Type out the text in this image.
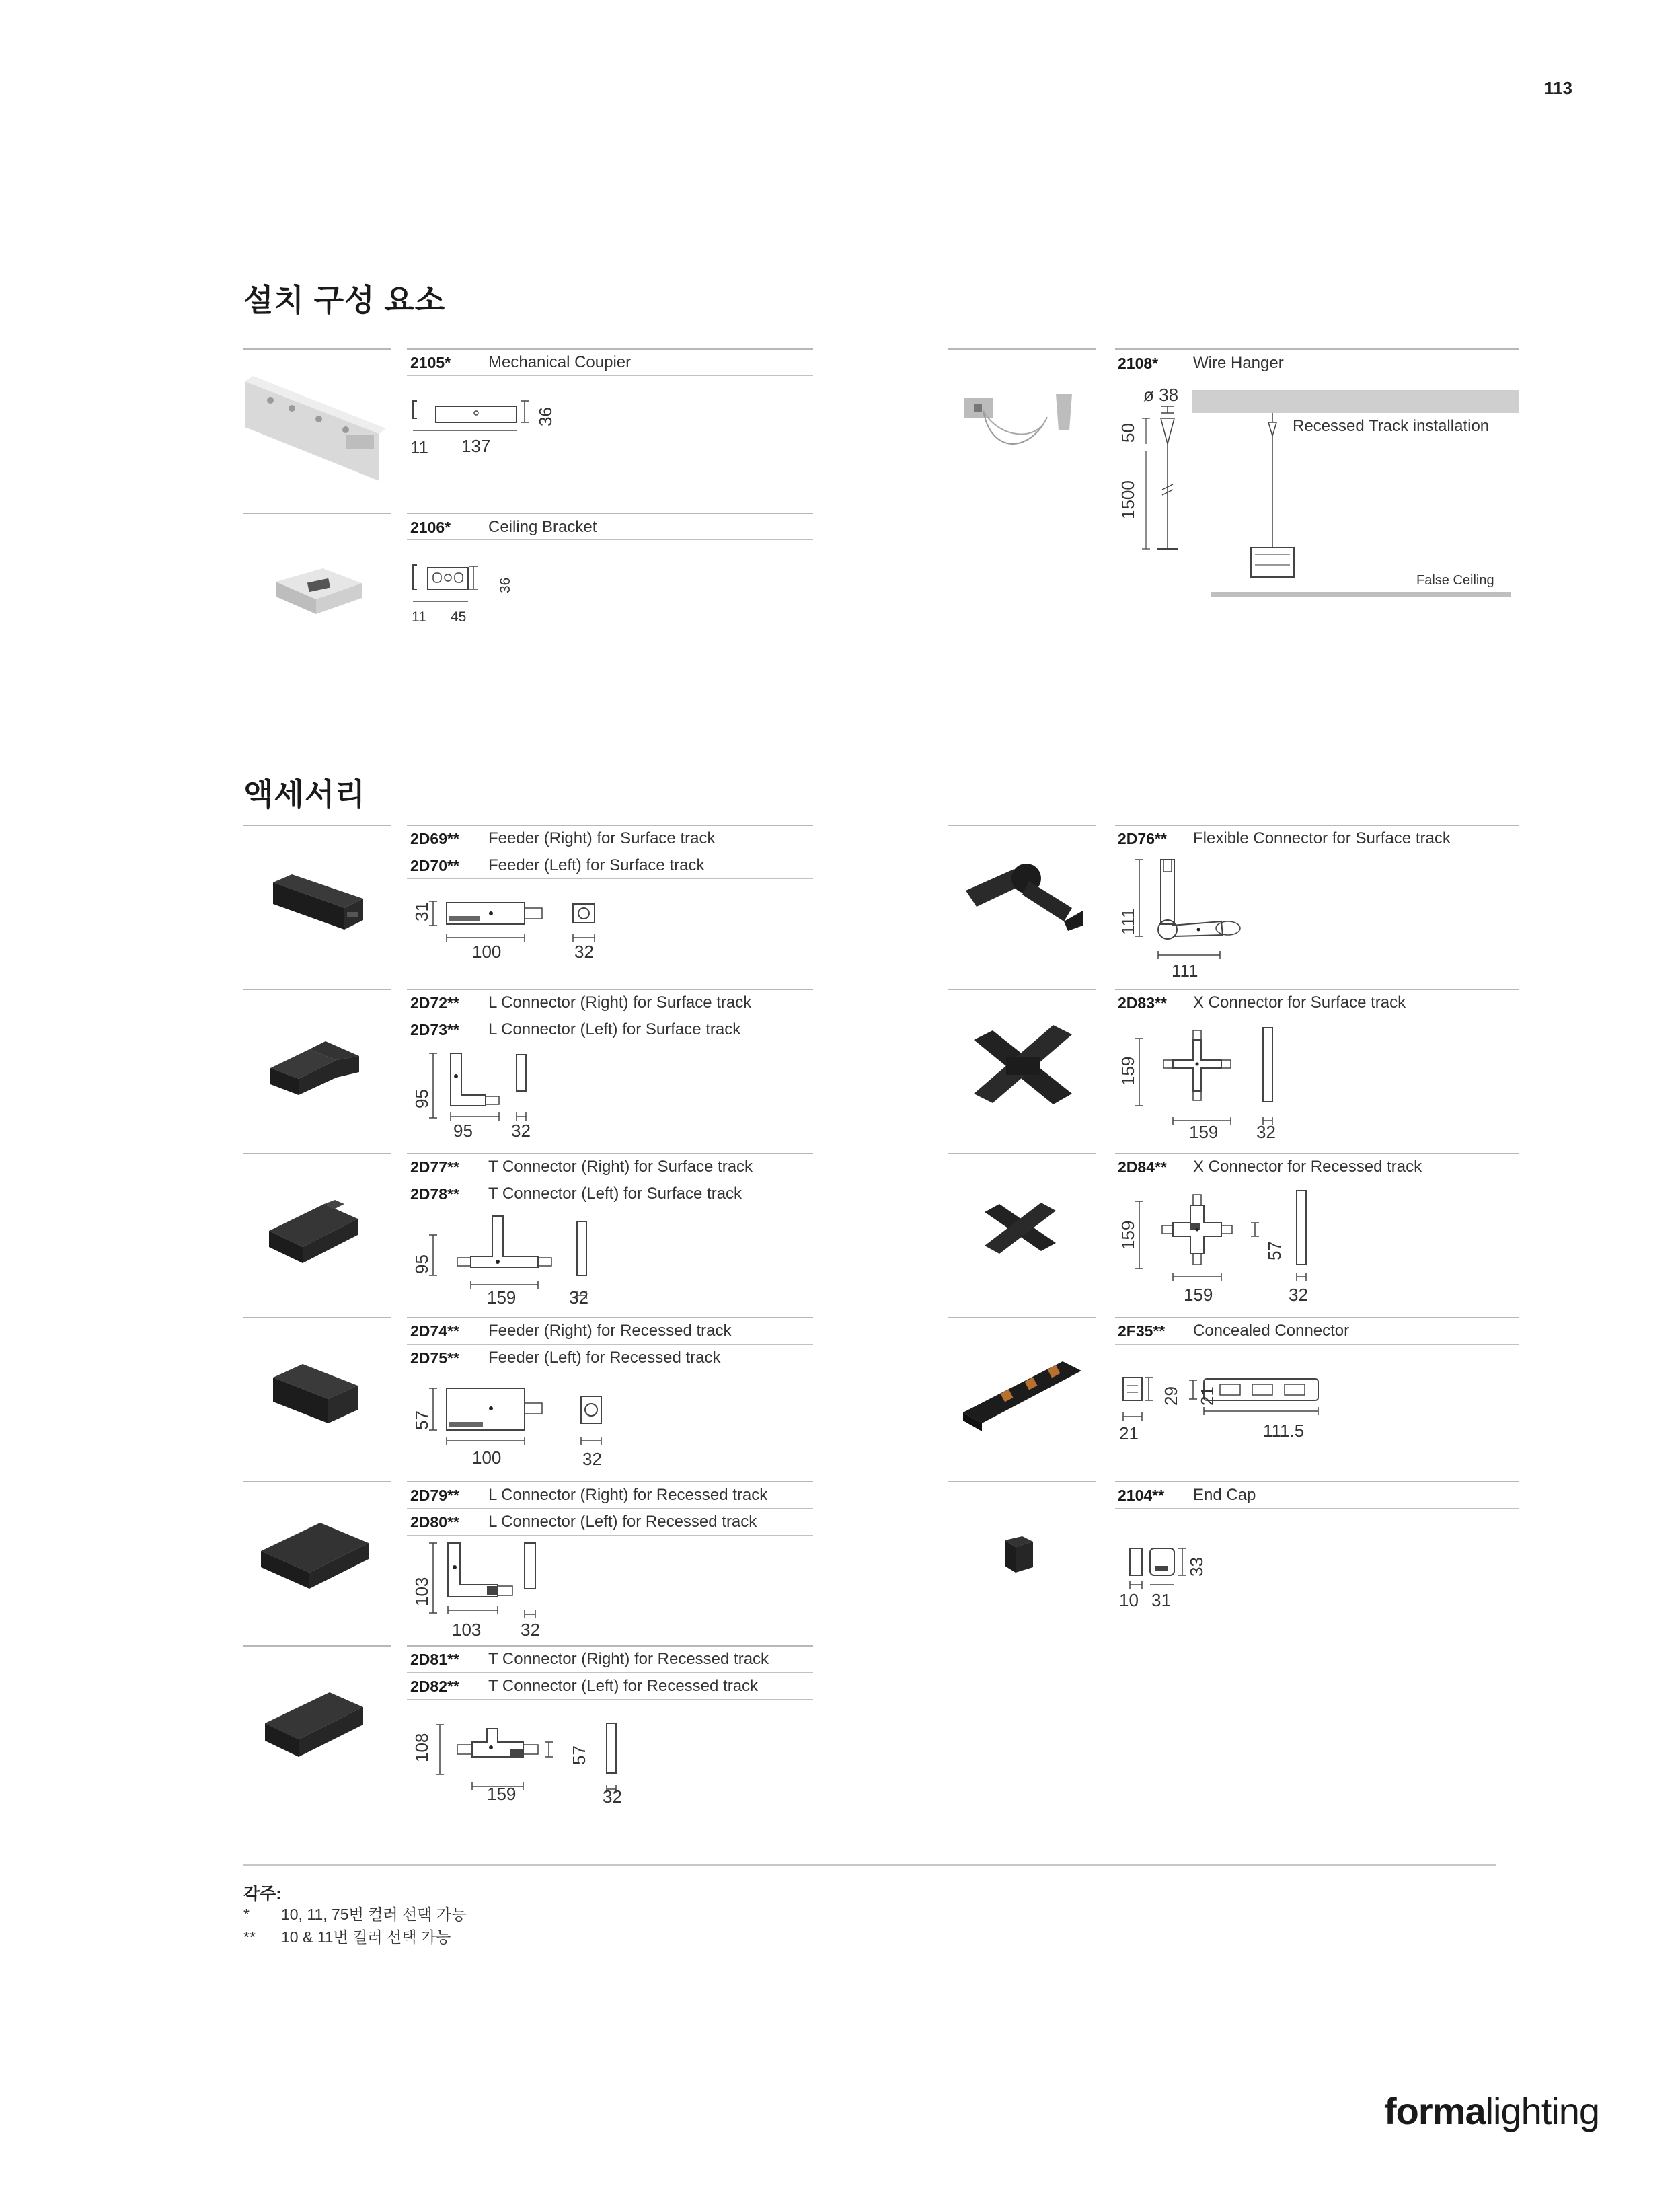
113
설치 구성 요소
2105* Mechanical Coupier
11 137
36
2106* Ceiling Bracket
11 45
36
2108* Wire Hanger
ø 38
50
1500
Recessed Track installation
False Ceiling
액세서리
2D69** Feeder (Right) for Surface track
2D70** Feeder (Left) for Surface track
31
100	32
2D72** L Connector (Right) for Surface track
2D73** L Connector (Left) for Surface track
95
95 32
2D77** T Connector (Right) for Surface track
2D78** T Connector (Left) for Surface track
95
159	32
2D74** Feeder (Right) for Recessed track
2D75** Feeder (Left) for Recessed track
57
100	32
2D79** L Connector (Right) for Recessed track
2D80** L Connector (Left) for Recessed track
103
103 32
2D81** T Connector (Right) for Recessed track
2D82** T Connector (Left) for Recessed track
108	57
159	32
2D76** Flexible Connector for Surface track
111
111
2D83** X Connector for Surface track
159
159 32
2D84** X Connector for Recessed track
159
57
159	32
2F35** Concealed Connector
29 21
21	111.5
2104** End Cap
33
10 31
각주:
* 10, 11, 75번 컬러 선택 가능
** 10 & 11번 컬러 선택 가능
formalighting
